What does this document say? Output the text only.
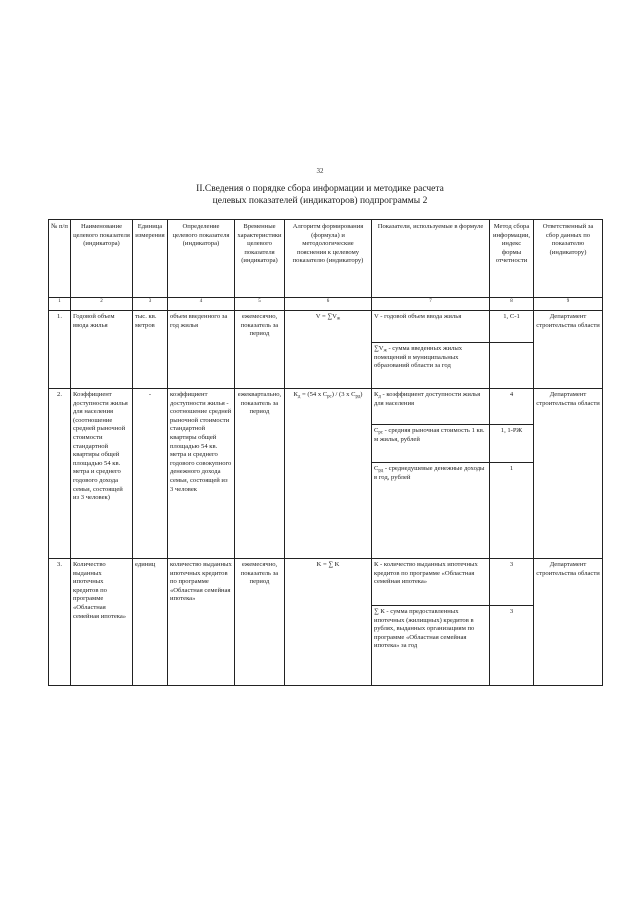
32
II.Сведения о порядке сбора информации и методике расчета
целевых показателей (индикаторов) подпрограммы 2
№ п/п	Наименование целевого показателя (индикатора)	Единица измерения	Определение целевого показателя (индикатора)	Временные характеристики целевого показателя (индикатора)	Алгоритм формирования (формула) и методологические пояснения к целевому показателю (индикатору)	Показатели, используемые в формуле	Метод сбора информации, индекс формы отчетности	Ответственный за сбор данных по показателю (индикатору)
1	2	3	4	5	6	7	8	9
1.	Годовой объем ввода жилья	тыс. кв. метров	объем введенного за год жилья	ежемесячно, показатель за период	$V = \sum V_ж$	V - годовой объем ввода жилья	1, С-1	Департамент строительства области
						$\sum V_ж$ - сумма введенных жилых помещений в муниципальных образований области за год		
2.	Коэффициент доступности жилья для населения (соотношение средней рыночной стоимости стандартной квартиры общей площадью 54 кв. метра и среднего годового дохода семьи, состоящей из 3 человек)	-	коэффициент доступности жилья - соотношение средней рыночной стоимости стандартной квартиры общей площадью 54 кв. метра и среднего годового совокупного денежного дохода семьи, состоящей из 3 человек	ежеквартально, показатель за период	$К_д = (54$ x $С_{рс}) / (3$ x $С_{рд}$)	$К_д$ - коэффициент доступности жилья для населения	4	Департамент строительства области
						$С_{рс}$ - средняя рыночная стоимость 1 кв. м жилья, рублей	1, 1-РЖ	
						$С_{рд}$ - среднедушевые денежные доходы в год, рублей	1	
3.	Количество выданных ипотечных кредитов по программе «Областная семейная ипотека»	единиц	количество выданных ипотечных кредитов по программе «Областная семейная ипотека»	ежемесячно, показатель за период	K = ∑ K	К - количество выданных ипотечных кредитов по программе «Областная семейная ипотека»	3	Департамент строительства области
						∑ К - сумма предоставленных ипотечных (жилищных) кредитов в рублях, выданных организациям по программе «Областная семейная ипотека» за год	3	
